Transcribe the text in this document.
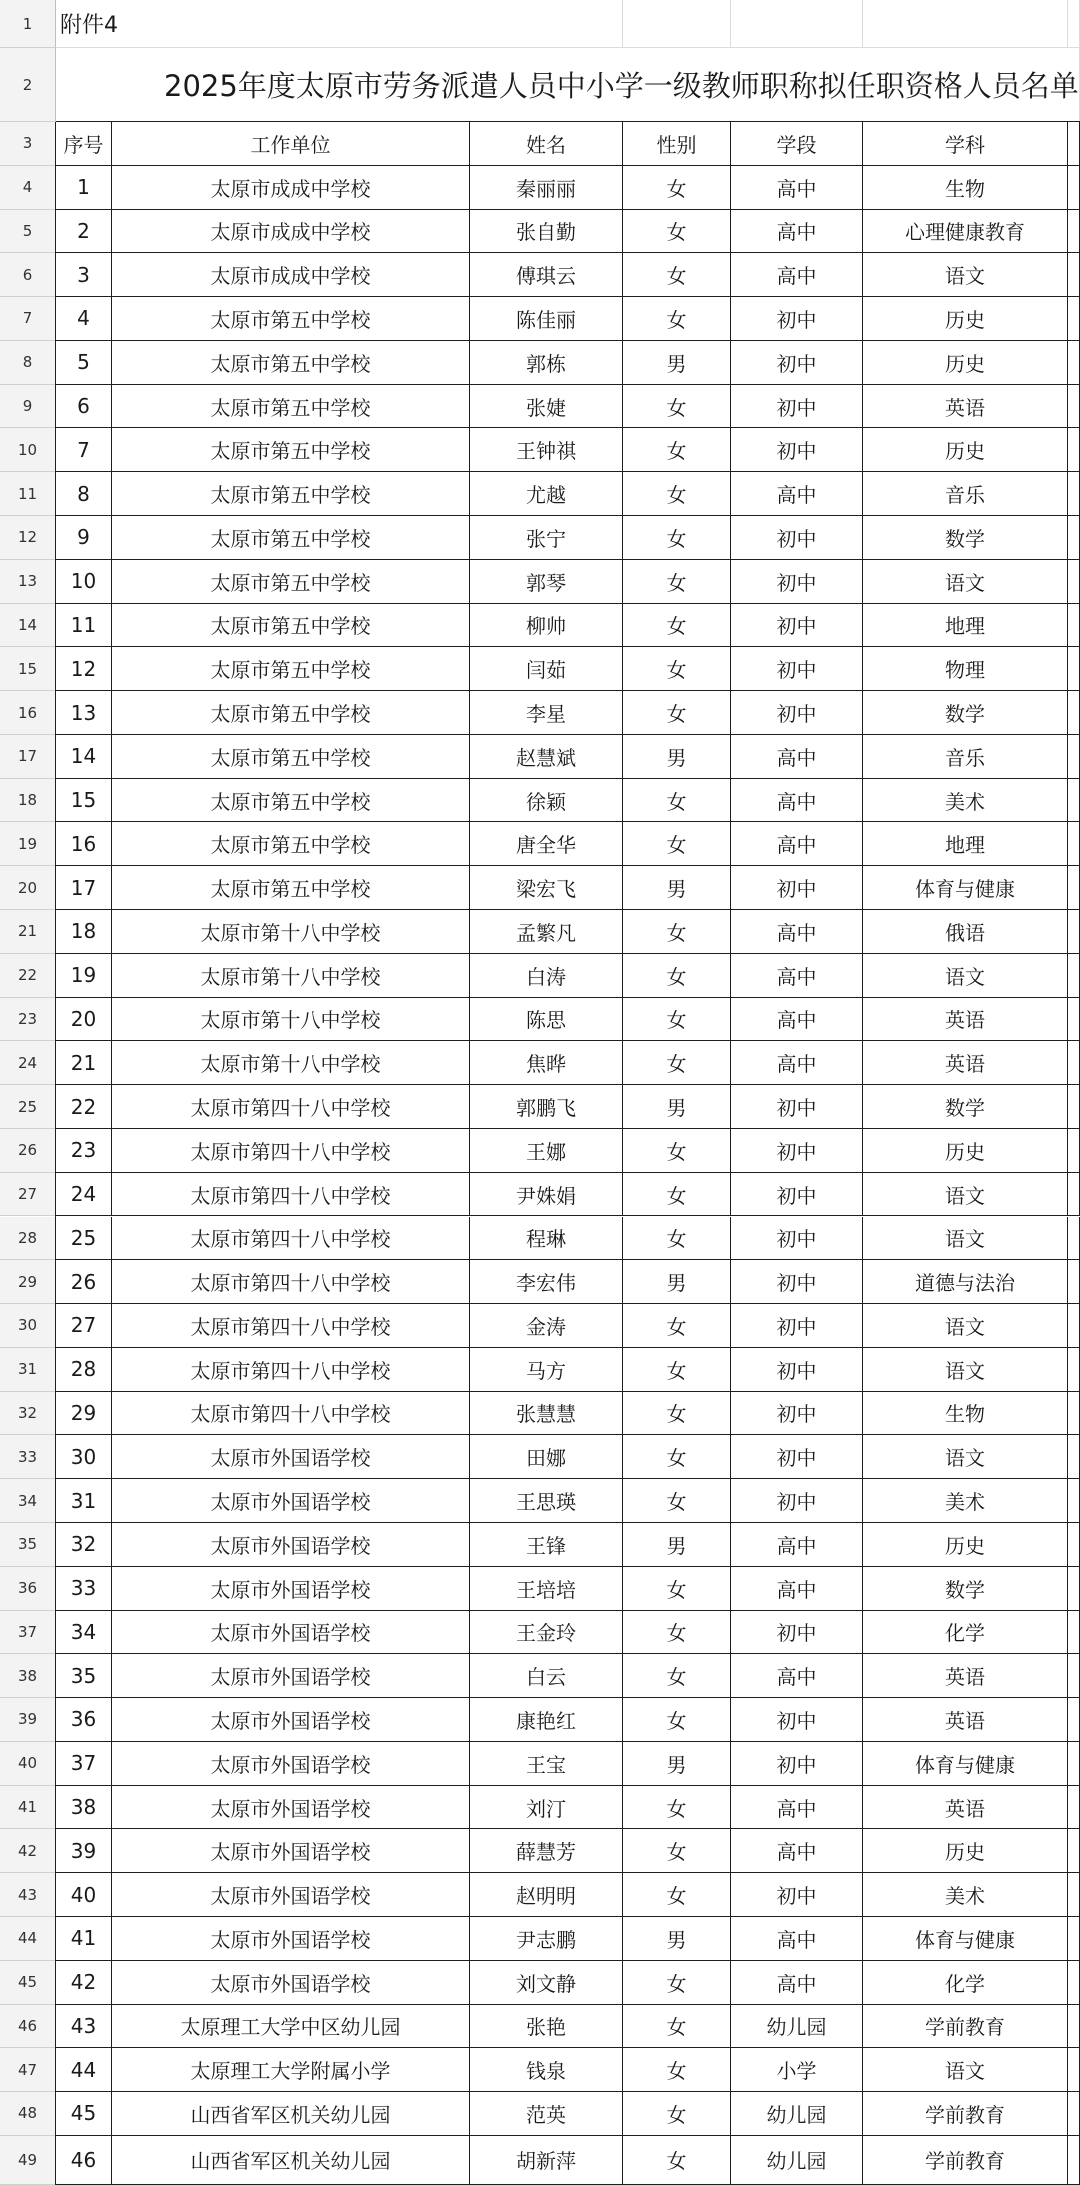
1
2
3
4
5
6
7
8
9
10
11
12
13
14
15
16
17
18
19
20
21
22
23
24
25
26
27
28
29
30
31
32
33
34
35
36
37
38
39
40
41
42
43
44
45
46
47
48
49
附件4
2025年度太原市劳务派遣人员中小学一级教师职称拟任职资格人员名单
序号	工作单位	姓名	性别	学段	学科
1	太原市成成中学校	秦丽丽	女	高中	生物
2	太原市成成中学校	张自勤	女	高中	心理健康教育
3	太原市成成中学校	傅琪云	女	高中	语文
4	太原市第五中学校	陈佳丽	女	初中	历史
5	太原市第五中学校	郭栋	男	初中	历史
6	太原市第五中学校	张婕	女	初中	英语
7	太原市第五中学校	王钟祺	女	初中	历史
8	太原市第五中学校	尤越	女	高中	音乐
9	太原市第五中学校	张宁	女	初中	数学
10	太原市第五中学校	郭琴	女	初中	语文
11	太原市第五中学校	柳帅	女	初中	地理
12	太原市第五中学校	闫茹	女	初中	物理
13	太原市第五中学校	李星	女	初中	数学
14	太原市第五中学校	赵慧斌	男	高中	音乐
15	太原市第五中学校	徐颖	女	高中	美术
16	太原市第五中学校	唐全华	女	高中	地理
17	太原市第五中学校	梁宏飞	男	初中	体育与健康
18	太原市第十八中学校	孟繁凡	女	高中	俄语
19	太原市第十八中学校	白涛	女	高中	语文
20	太原市第十八中学校	陈思	女	高中	英语
21	太原市第十八中学校	焦晔	女	高中	英语
22	太原市第四十八中学校	郭鹏飞	男	初中	数学
23	太原市第四十八中学校	王娜	女	初中	历史
24	太原市第四十八中学校	尹姝娟	女	初中	语文
25	太原市第四十八中学校	程琳	女	初中	语文
26	太原市第四十八中学校	李宏伟	男	初中	道德与法治
27	太原市第四十八中学校	金涛	女	初中	语文
28	太原市第四十八中学校	马方	女	初中	语文
29	太原市第四十八中学校	张慧慧	女	初中	生物
30	太原市外国语学校	田娜	女	初中	语文
31	太原市外国语学校	王思瑛	女	初中	美术
32	太原市外国语学校	王锋	男	高中	历史
33	太原市外国语学校	王培培	女	高中	数学
34	太原市外国语学校	王金玲	女	初中	化学
35	太原市外国语学校	白云	女	高中	英语
36	太原市外国语学校	康艳红	女	初中	英语
37	太原市外国语学校	王宝	男	初中	体育与健康
38	太原市外国语学校	刘汀	女	高中	英语
39	太原市外国语学校	薛慧芳	女	高中	历史
40	太原市外国语学校	赵明明	女	初中	美术
41	太原市外国语学校	尹志鹏	男	高中	体育与健康
42	太原市外国语学校	刘文静	女	高中	化学
43	太原理工大学中区幼儿园	张艳	女	幼儿园	学前教育
44	太原理工大学附属小学	钱泉	女	小学	语文
45	山西省军区机关幼儿园	范英	女	幼儿园	学前教育
46	山西省军区机关幼儿园	胡新萍	女	幼儿园	学前教育
